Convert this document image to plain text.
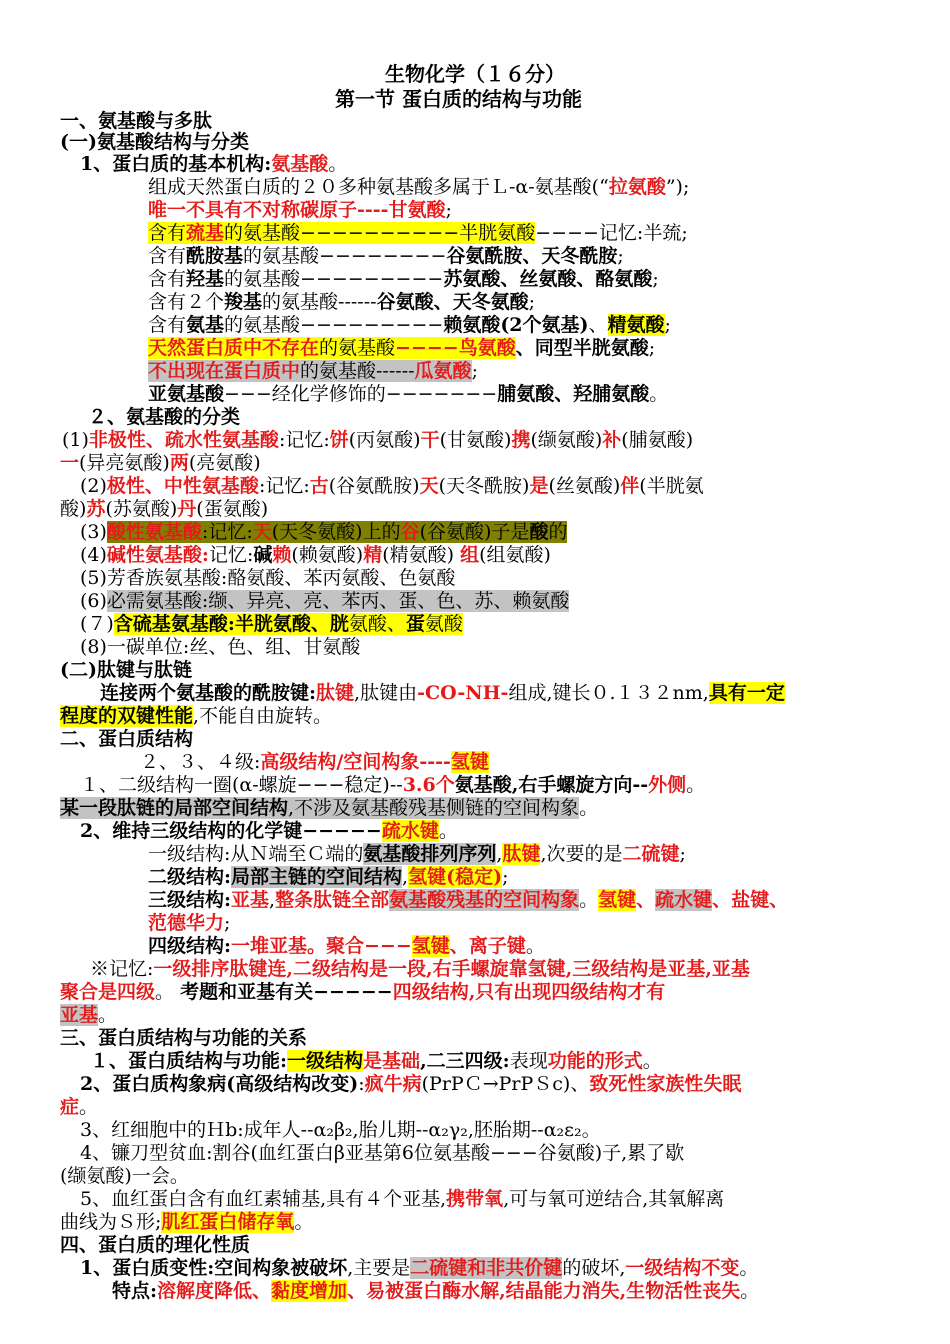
生物化学（１６分）
第一节 蛋白质的结构与功能
一、氨基酸与多肽
(一)氨基酸结构与分类
1、蛋白质的基本机构:氨基酸。
组成天然蛋白质的２０多种氨基酸多属于Ｌ-α-氨基酸(“拉氨酸”);
唯一不具有不对称碳原子----甘氨酸;
含有巯基的氨基酸−−−−−−−−−−半胱氨酸−−−−记忆:半巯;
含有酰胺基的氨基酸−−−−−−−−谷氨酰胺、天冬酰胺;
含有羟基的氨基酸−−−−−−−−−苏氨酸、丝氨酸、酪氨酸;
含有２个羧基的氨基酸------谷氨酸、天冬氨酸;
含有氨基的氨基酸−−−−−−−−−赖氨酸(2个氨基)、精氨酸;
天然蛋白质中不存在的氨基酸−−−−鸟氨酸、同型半胱氨酸;
不出现在蛋白质中的氨基酸------瓜氨酸;
亚氨基酸−−−经化学修饰的−−−−−−−脯氨酸、羟脯氨酸。
２、氨基酸的分类
(1)非极性、疏水性氨基酸:记忆:饼(丙氨酸)干(甘氨酸)携(缬氨酸)补(脯氨酸)
一(异亮氨酸)两(亮氨酸)
(2)极性、中性氨基酸:记忆:古(谷氨酰胺)天(天冬酰胺)是(丝氨酸)伴(半胱氨
酸)苏(苏氨酸)丹(蛋氨酸)
(3)酸性氨基酸:记忆:天(天冬氨酸)上的谷(谷氨酸)子是酸的
(4)碱性氨基酸:记忆:碱赖(赖氨酸)精(精氨酸) 组(组氨酸)
(5)芳香族氨基酸:酪氨酸、苯丙氨酸、色氨酸
(6)必需氨基酸:缬、异亮、亮、苯丙、蛋、色、苏、赖氨酸
(７)含硫基氨基酸:半胱氨酸、胱氨酸、蛋氨酸
(8)一碳单位:丝、色、组、甘氨酸
(二)肽键与肽链
连接两个氨基酸的酰胺键:肽键,肽键由-CO-NH-组成,键长０.１３２nm,具有一定
程度的双键性能,不能自由旋转。
二、蛋白质结构
２、３、４级:高级结构/空间构象----氢键
１、二级结构一圈(α-螺旋−−−稳定)--3.6个氨基酸,右手螺旋方向--外侧。
某一段肽链的局部空间结构,不涉及氨基酸残基侧链的空间构象。
2、维持三级结构的化学键−−−−−疏水键。
一级结构:从Ｎ端至Ｃ端的氨基酸排列序列,肽键,次要的是二硫键;
二级结构:局部主链的空间结构,氢键(稳定);
三级结构:亚基,整条肽链全部氨基酸残基的空间构象。氢键、疏水键、盐键、
范德华力;
四级结构:一堆亚基。聚合−−−氢键、离子键。
※记忆:一级排序肽键连,二级结构是一段,右手螺旋靠氢键,三级结构是亚基,亚基
聚合是四级。 考题和亚基有关−−−−−四级结构,只有出现四级结构才有
亚基。
三、蛋白质结构与功能的关系
１、蛋白质结构与功能:一级结构是基础,二三四级:表现功能的形式。
2、蛋白质构象病(高级结构改变):疯牛病(PrPＣ→PrPＳc)、致死性家族性失眠
症。
3、红细胞中的Ｈb:成年人--α₂β₂,胎儿期--α₂γ₂,胚胎期--α₂ε₂。
4、镰刀型贫血:割谷(血红蛋白β亚基第6位氨基酸−−−谷氨酸)子,累了歇
(缬氨酸)一会。
5、血红蛋白含有血红素辅基,具有４个亚基,携带氧,可与氧可逆结合,其氧解离
曲线为Ｓ形;肌红蛋白储存氧。
四、蛋白质的理化性质
1、蛋白质变性:空间构象被破坏,主要是二硫键和非共价键的破坏,一级结构不变。
特点:溶解度降低、黏度增加、易被蛋白酶水解,结晶能力消失,生物活性丧失。
